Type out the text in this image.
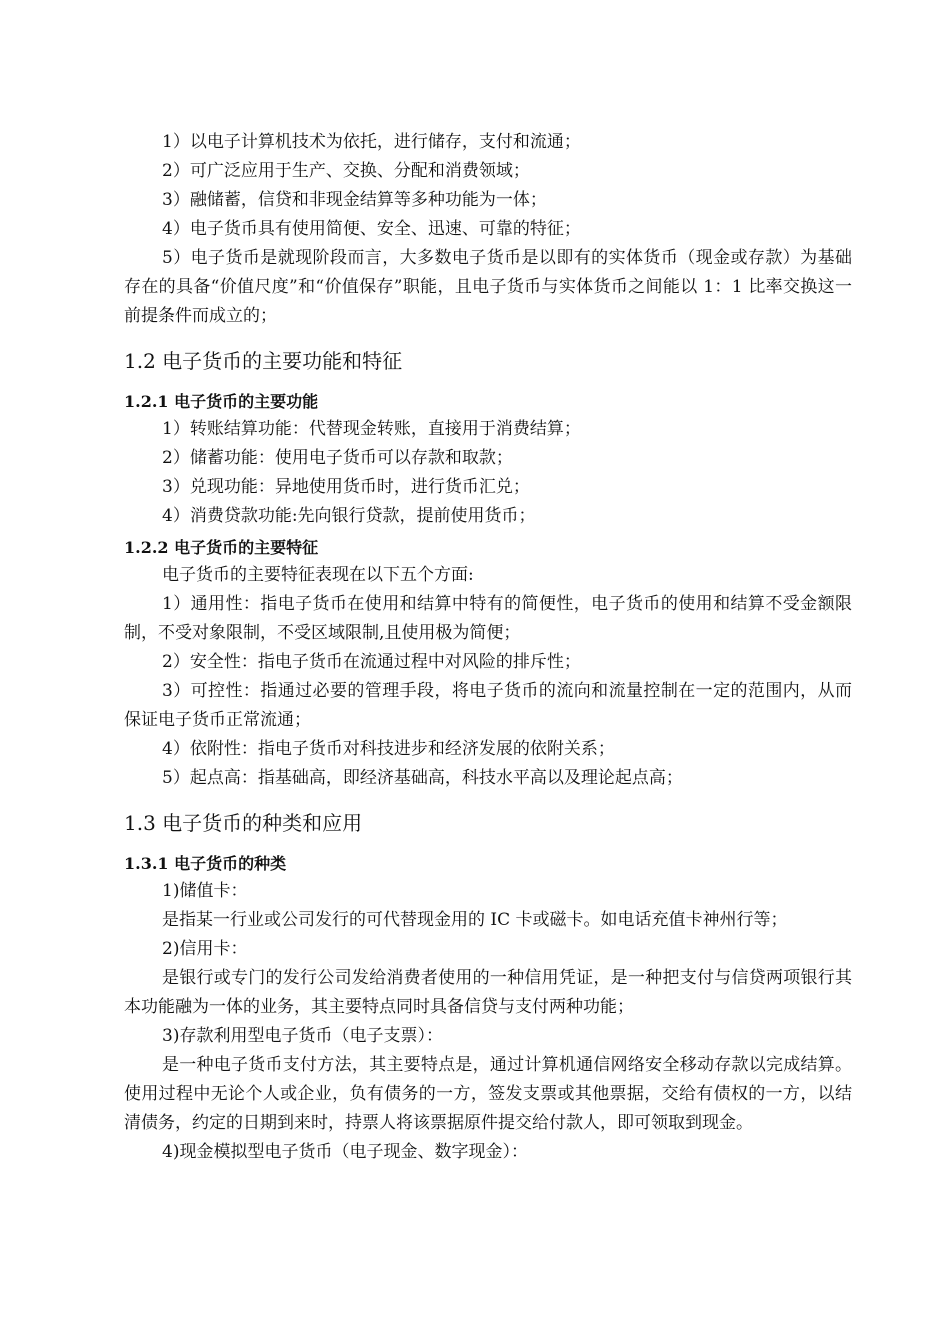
1）以电子计算机技术为依托，进行储存，支付和流通；

2）可广泛应用于生产、交换、分配和消费领域；

3）融储蓄，信贷和非现金结算等多种功能为一体；

4）电子货币具有使用简便、安全、迅速、可靠的特征；

5）电子货币是就现阶段而言，大多数电子货币是以即有的实体货币（现金或存款）为基础存在的具备“价值尺度”和“价值保存”职能，且电子货币与实体货币之间能以 1：1 比率交换这一前提条件而成立的；

1.2 电子货币的主要功能和特征
1.2.1 电子货币的主要功能

1）转账结算功能：代替现金转账，直接用于消费结算；

2）储蓄功能：使用电子货币可以存款和取款；

3）兑现功能：异地使用货币时，进行货币汇兑；

4）消费贷款功能:先向银行贷款，提前使用货币；

1.2.2 电子货币的主要特征

电子货币的主要特征表现在以下五个方面:

1）通用性：指电子货币在使用和结算中特有的简便性，电子货币的使用和结算不受金额限制，不受对象限制，不受区域限制,且使用极为简便；

2）安全性：指电子货币在流通过程中对风险的排斥性；

3）可控性：指通过必要的管理手段，将电子货币的流向和流量控制在一定的范围内，从而保证电子货币正常流通；

4）依附性：指电子货币对科技进步和经济发展的依附关系；

5）起点高：指基础高，即经济基础高，科技水平高以及理论起点高；

1.3 电子货币的种类和应用
1.3.1 电子货币的种类

1)储值卡：

是指某一行业或公司发行的可代替现金用的 IC 卡或磁卡。如电话充值卡神州行等；

2)信用卡：

是银行或专门的发行公司发给消费者使用的一种信用凭证，是一种把支付与信贷两项银行其本功能融为一体的业务，其主要特点同时具备信贷与支付两种功能；

3)存款利用型电子货币（电子支票）：

是一种电子货币支付方法，其主要特点是，通过计算机通信网络安全移动存款以完成结算。使用过程中无论个人或企业，负有债务的一方，签发支票或其他票据，交给有债权的一方，以结清债务，约定的日期到来时，持票人将该票据原件提交给付款人，即可领取到现金。

4)现金模拟型电子货币（电子现金、数字现金）：
